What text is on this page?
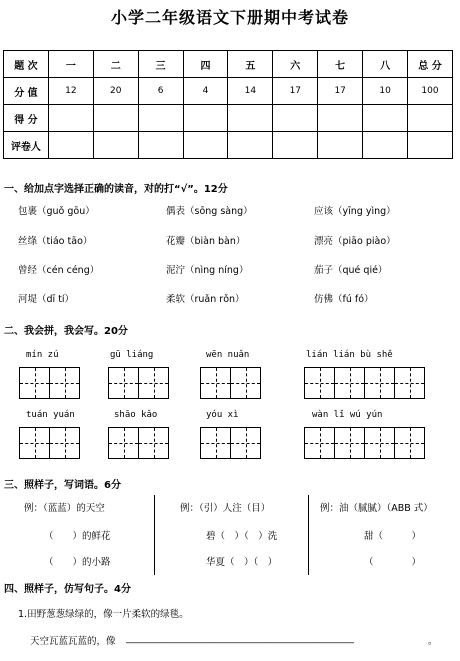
小学二年级语文下册期中考试卷
题 次	一	二	三	四	五	六	七	八	总 分
分 值	12	20	6	4	14	17	17	10	100
得 分									
评卷人									
一、给加点字选择正确的读音，对的打“√”。12分
包裹（guǒ gōu）	偶表（sōng sàng）	应该（yīng yìng）
丝绦（tiáo tāo）	花瓣（biàn bàn）	漂亮（piāo piào）
曾经（cén céng）	泥泞（nìng níng）	茄子（qué qié）
河堤（dī tí）	柔软（ruǎn rǒn）	仿佛（fú fó）
二、我会拼，我会写。20分
mín zú	gū liáng	wēn nuǎn	lián lián bù shě
tuán yuán	shāo kǎo	yóu xì	wàn lǐ wú yún
三、照样子，写词语。6分
例：（蓝蓝）的天空
（　　）的鲜花
（　　）的小路
例：（引）人注（目）
碧（　）（　）洗
华夏（　）（　）
例：油（腻腻）（ABB 式）
甜（　　　）
（　　　　）
四、照样子，仿写句子。4分
1.田野葱葱绿绿的，像一片柔软的绿毯。
天空瓦蓝瓦蓝的，像 ________________________________________________	。
